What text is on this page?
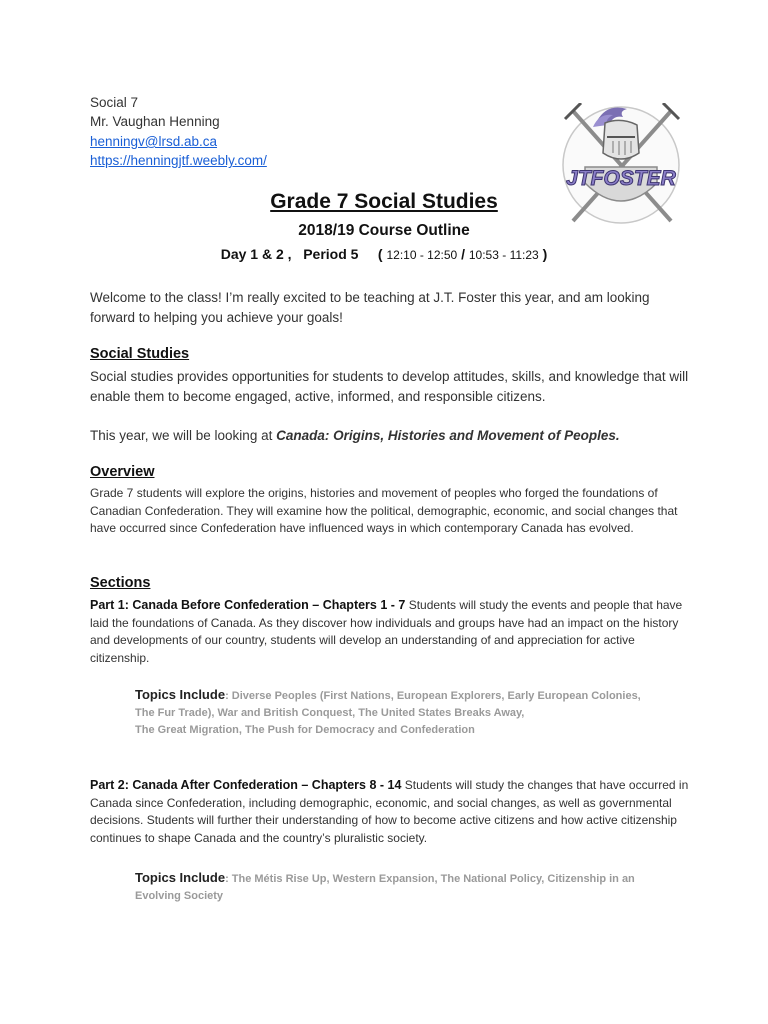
Social 7
Mr. Vaughan Henning
henningv@lrsd.ab.ca
https://henningjtf.weebly.com/
JTFOSTER
Grade 7 Social Studies
2018/19 Course Outline
Day 1 & 2 , Period 5 ( 12:10 - 12:50 / 10:53 - 11:23 )
Welcome to the class! I’m really excited to be teaching at J.T. Foster this year, and am looking forward to helping you achieve your goals!
Social Studies
Social studies provides opportunities for students to develop attitudes, skills, and knowledge that will enable them to become engaged, active, informed, and responsible citizens.
This year, we will be looking at Canada: Origins, Histories and Movement of Peoples.
Overview
Grade 7 students will explore the origins, histories and movement of peoples who forged the foundations of Canadian Confederation. They will examine how the political, demographic, economic, and social changes that have occurred since Confederation have influenced ways in which contemporary Canada has evolved.
Sections
Part 1: Canada Before Confederation – Chapters 1 - 7 Students will study the events and people that have laid the foundations of Canada. As they discover how individuals and groups have had an impact on the history and developments of our country, students will develop an understanding of and appreciation for active citizenship.
Topics Include: Diverse Peoples (First Nations, European Explorers, Early European Colonies,
The Fur Trade), War and British Conquest, The United States Breaks Away,
The Great Migration, The Push for Democracy and Confederation
Part 2: Canada After Confederation – Chapters 8 - 14 Students will study the changes that have occurred in Canada since Confederation, including demographic, economic, and social changes, as well as governmental decisions. Students will further their understanding of how to become active citizens and how active citizenship continues to shape Canada and the country’s pluralistic society.
Topics Include: The Métis Rise Up, Western Expansion, The National Policy, Citizenship in an
Evolving Society
